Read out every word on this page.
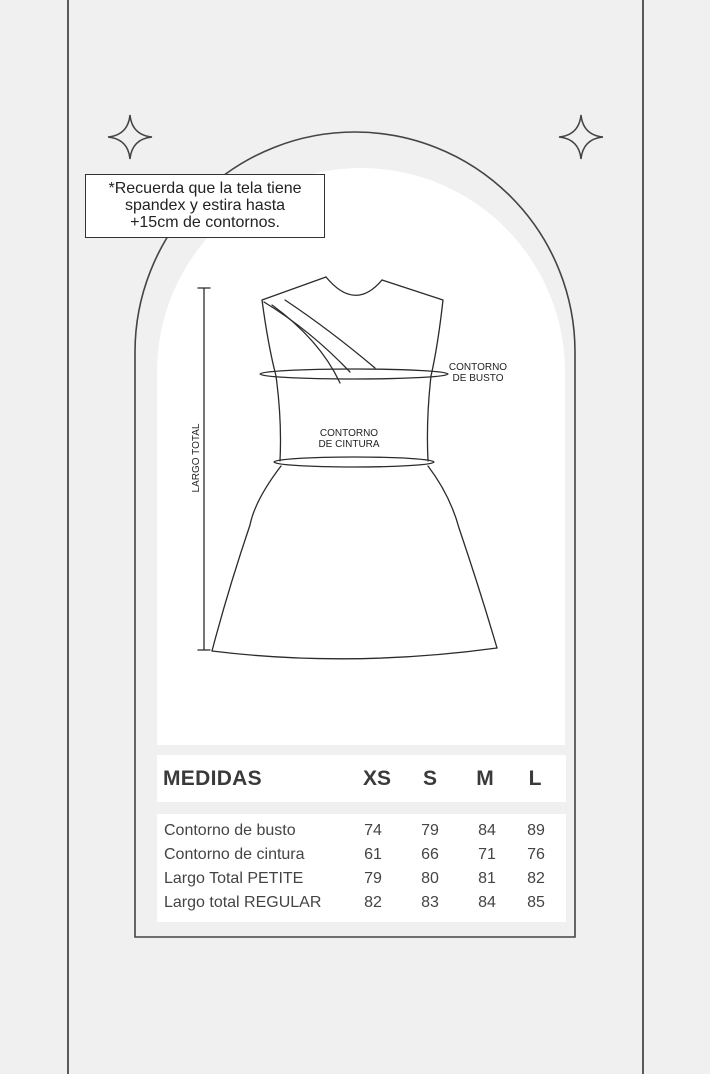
*Recuerda que la tela tiene
spandex y estira hasta
+15cm de contornos.
CONTORNO
DE BUSTO
CONTORNO
DE CINTURA
LARGO TOTAL
MEDIDAS	XS	S	M	L
Contorno de busto	74	79	84	89
Contorno de cintura	61	66	71	76
Largo Total PETITE	79	80	81	82
Largo total REGULAR	82	83	84	85
